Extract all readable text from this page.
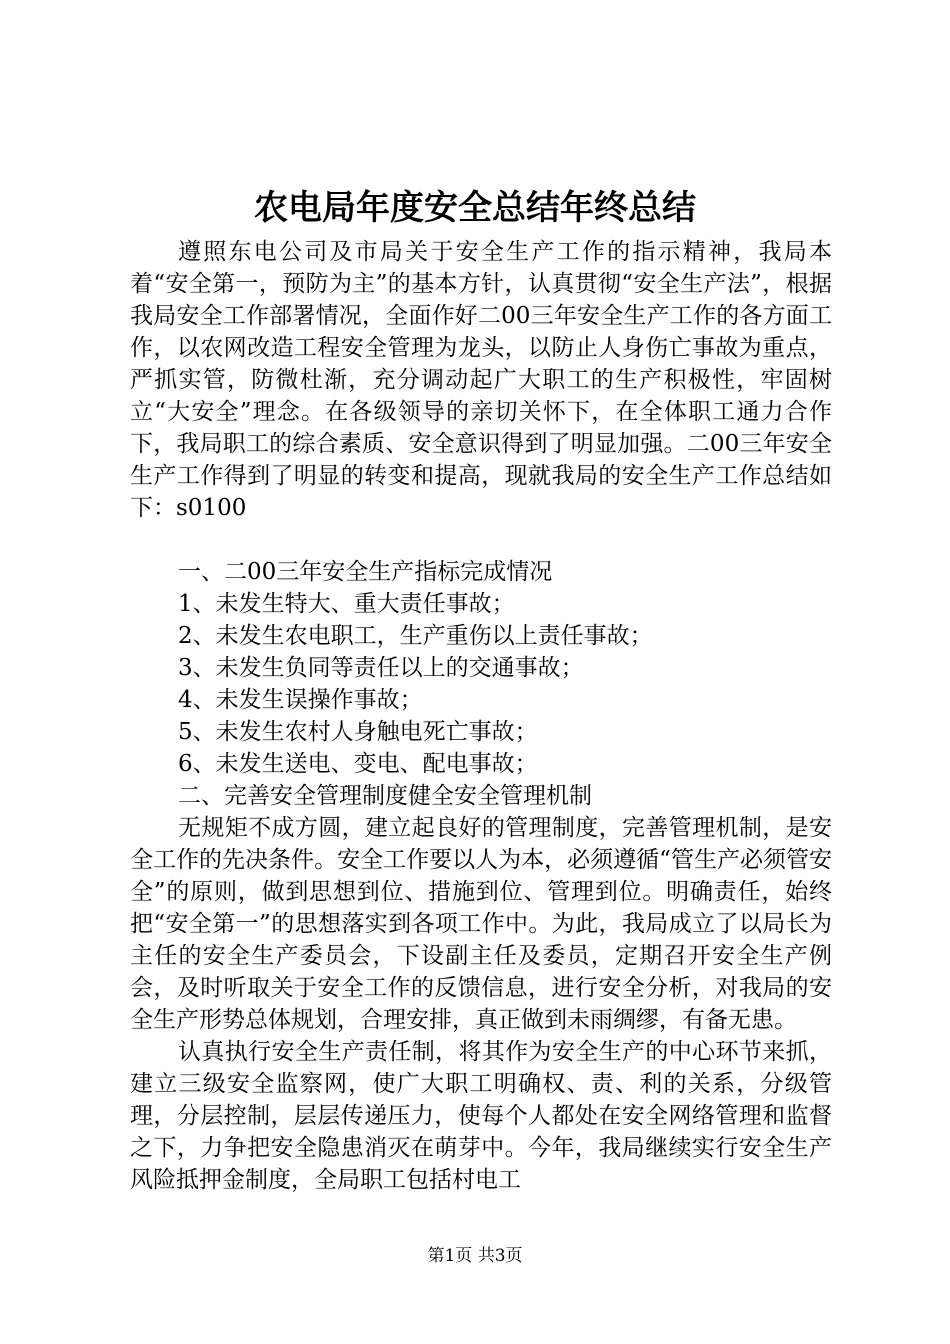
农电局年度安全总结年终总结

遵照东电公司及市局关于安全生产工作的指示精神，我局本着“安全第一，预防为主”的基本方针，认真贯彻“安全生产法”，根据我局安全工作部署情况，全面作好二00三年安全生产工作的各方面工作，以农网改造工程安全管理为龙头，以防止人身伤亡事故为重点，严抓实管，防微杜渐，充分调动起广大职工的生产积极性，牢固树立“大安全”理念。在各级领导的亲切关怀下，在全体职工通力合作下，我局职工的综合素质、安全意识得到了明显加强。二00三年安全生产工作得到了明显的转变和提高，现就我局的安全生产工作总结如下：s0100

一、二00三年安全生产指标完成情况

1、未发生特大、重大责任事故；

2、未发生农电职工，生产重伤以上责任事故；

3、未发生负同等责任以上的交通事故；

4、未发生误操作事故；

5、未发生农村人身触电死亡事故；

6、未发生送电、变电、配电事故；

二、完善安全管理制度健全安全管理机制

无规矩不成方圆，建立起良好的管理制度，完善管理机制，是安全工作的先决条件。安全工作要以人为本，必须遵循“管生产必须管安全”的原则，做到思想到位、措施到位、管理到位。明确责任，始终把“安全第一”的思想落实到各项工作中。为此，我局成立了以局长为主任的安全生产委员会，下设副主任及委员，定期召开安全生产例会，及时听取关于安全工作的反馈信息，进行安全分析，对我局的安全生产形势总体规划，合理安排，真正做到未雨绸缪，有备无患。

认真执行安全生产责任制，将其作为安全生产的中心环节来抓，建立三级安全监察网，使广大职工明确权、责、利的关系，分级管理，分层控制，层层传递压力，使每个人都处在安全网络管理和监督之下，力争把安全隐患消灭在萌芽中。今年，我局继续实行安全生产风险抵押金制度，全局职工包括村电工

第1页 共3页
